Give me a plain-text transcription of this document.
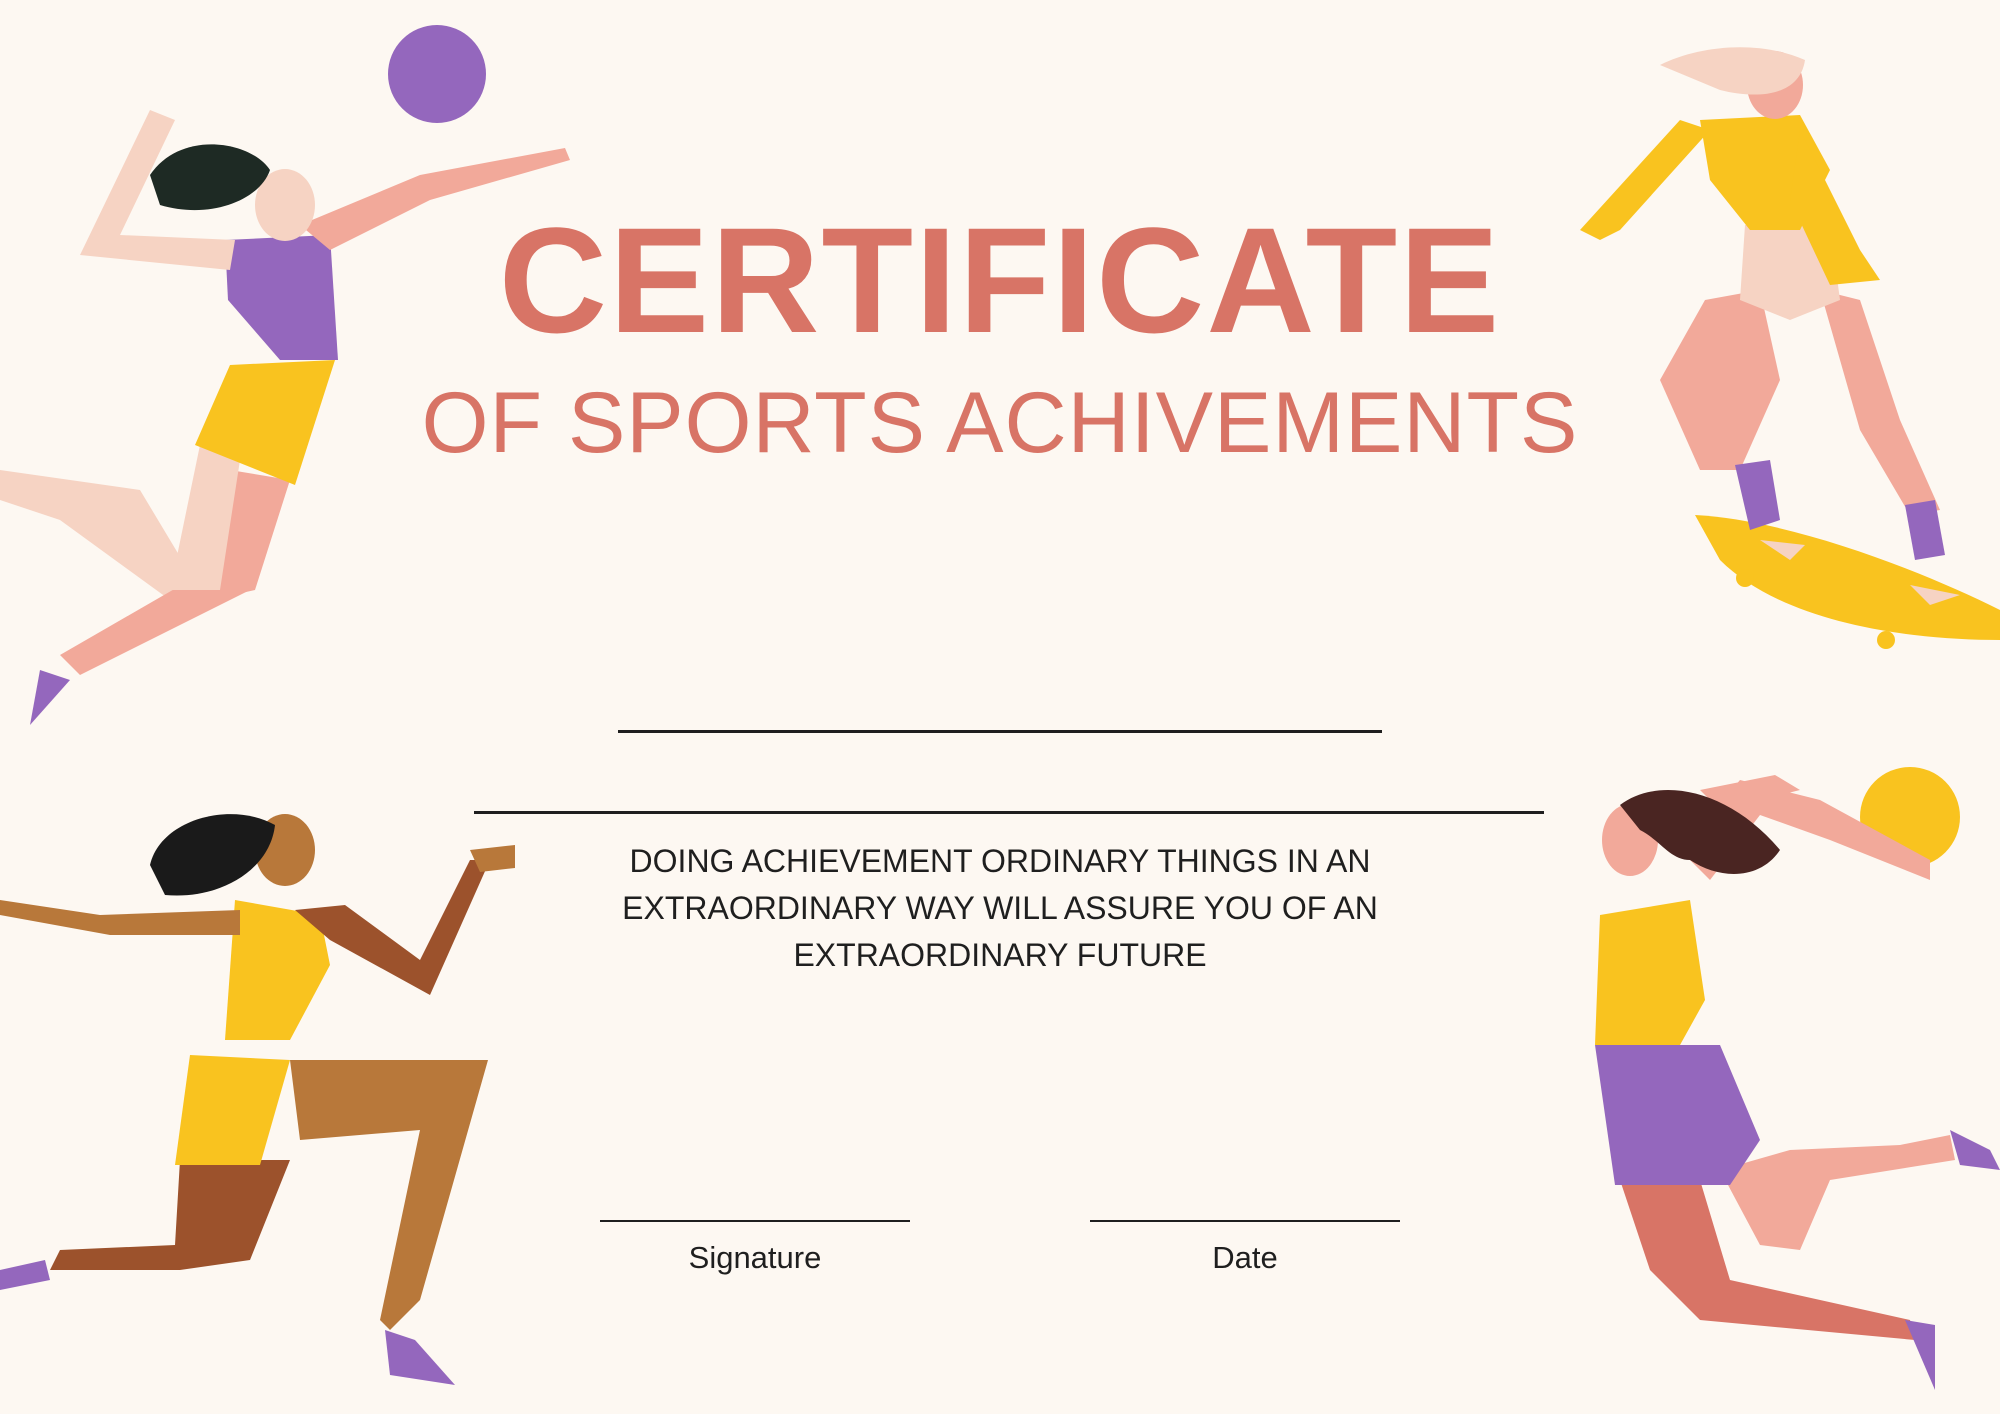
CERTIFICATE
OF SPORTS ACHIVEMENTS
DOING ACHIEVEMENT ORDINARY THINGS IN AN EXTRAORDINARY WAY WILL ASSURE YOU OF AN EXTRAORDINARY FUTURE
Signature	Date
